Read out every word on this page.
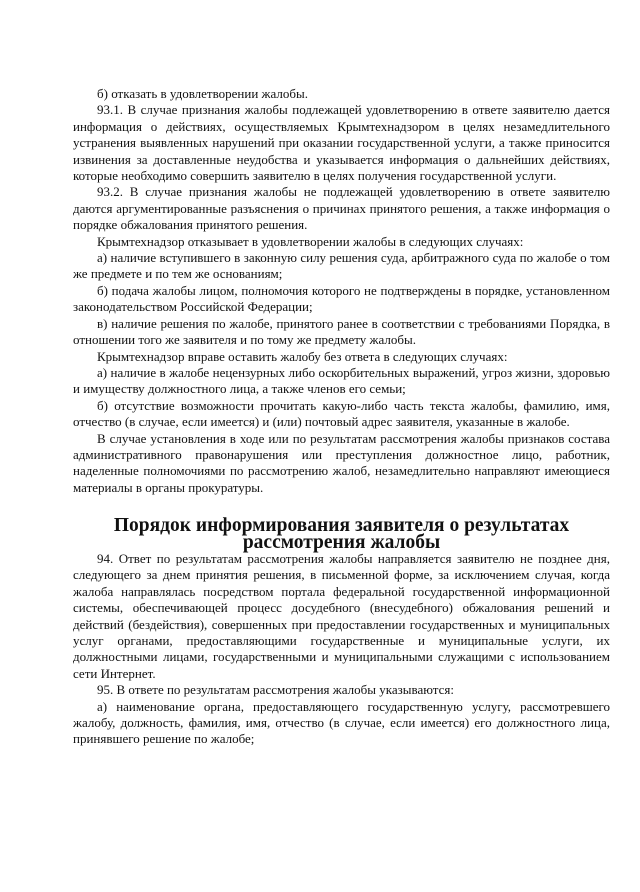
б) отказать в удовлетворении жалобы.

93.1. В случае признания жалобы подлежащей удовлетворению в ответе заявителю дается информация о действиях, осуществляемых Крымтехнадзором в целях незамедлительного устранения выявленных нарушений при оказании государственной услуги, а также приносится извинения за доставленные неудобства и указывается информация о дальнейших действиях, которые необходимо совершить заявителю в целях получения государственной услуги.

93.2. В случае признания жалобы не подлежащей удовлетворению в ответе заявителю даются аргументированные разъяснения о причинах принятого решения, а также информация о порядке обжалования принятого решения.

Крымтехнадзор отказывает в удовлетворении жалобы в следующих случаях:

а) наличие вступившего в законную силу решения суда, арбитражного суда по жалобе о том же предмете и по тем же основаниям;

б) подача жалобы лицом, полномочия которого не подтверждены в порядке, установленном законодательством Российской Федерации;

в) наличие решения по жалобе, принятого ранее в соответствии с требованиями Порядка, в отношении того же заявителя и по тому же предмету жалобы.

Крымтехнадзор вправе оставить жалобу без ответа в следующих случаях:

а) наличие в жалобе нецензурных либо оскорбительных выражений, угроз жизни, здоровью и имуществу должностного лица, а также членов его семьи;

б) отсутствие возможности прочитать какую-либо часть текста жалобы, фамилию, имя, отчество (в случае, если имеется) и (или) почтовый адрес заявителя, указанные в жалобе.

В случае установления в ходе или по результатам рассмотрения жалобы признаков состава административного правонарушения или преступления должностное лицо, работник, наделенные полномочиями по рассмотрению жалоб, незамедлительно направляют имеющиеся материалы в органы прокуратуры.

Порядок информирования заявителя о результатах
рассмотрения жалобы

94. Ответ по результатам рассмотрения жалобы направляется заявителю не позднее дня, следующего за днем принятия решения, в письменной форме, за исключением случая, когда жалоба направлялась посредством портала федеральной государственной информационной системы, обеспечивающей процесс досудебного (внесудебного) обжалования решений и действий (бездействия), совершенных при предоставлении государственных и муниципальных услуг органами, предоставляющими государственные и муниципальные услуги, их должностными лицами, государственными и муниципальными служащими с использованием сети Интернет.

95. В ответе по результатам рассмотрения жалобы указываются:

а) наименование органа, предоставляющего государственную услугу, рассмотревшего жалобу, должность, фамилия, имя, отчество (в случае, если имеется) его должностного лица, принявшего решение по жалобе;
